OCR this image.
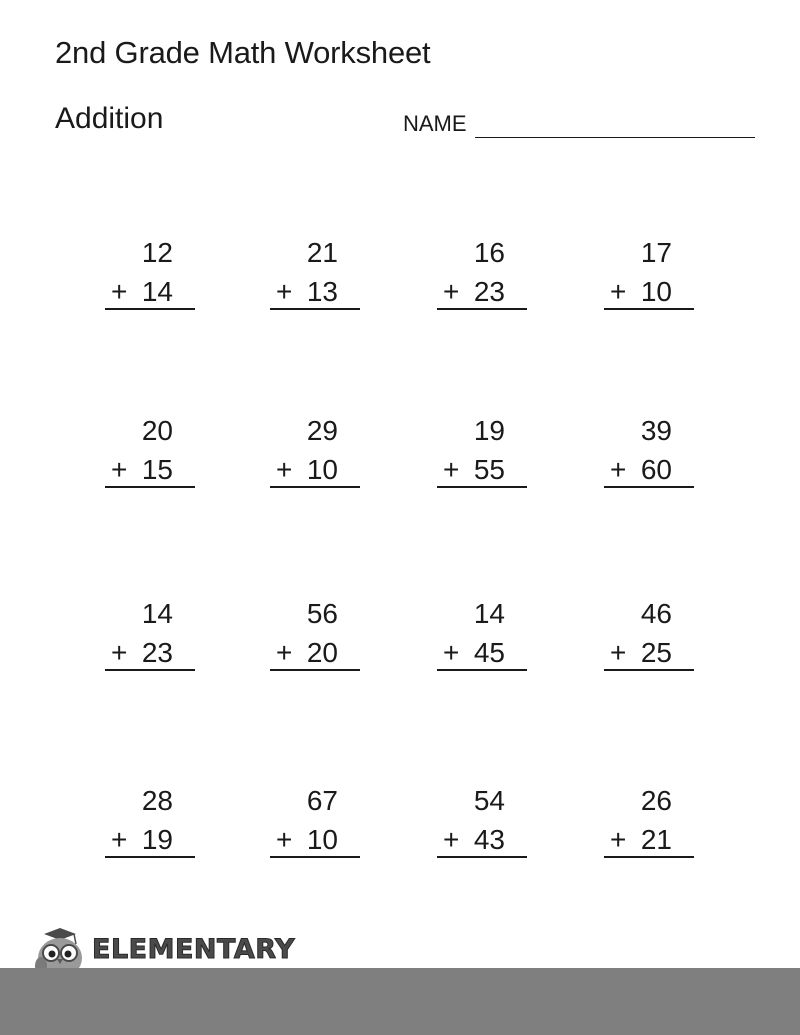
2nd Grade Math Worksheet
Addition	NAME
12
+ 14
21
+ 13
16
+ 23
17
+ 10
20
+ 15
29
+ 10
19
+ 55
39
+ 60
14
+ 23
56
+ 20
14
+ 45
46
+ 25
28
+ 19
67
+ 10
54
+ 43
26
+ 21
ELEMENTARY
